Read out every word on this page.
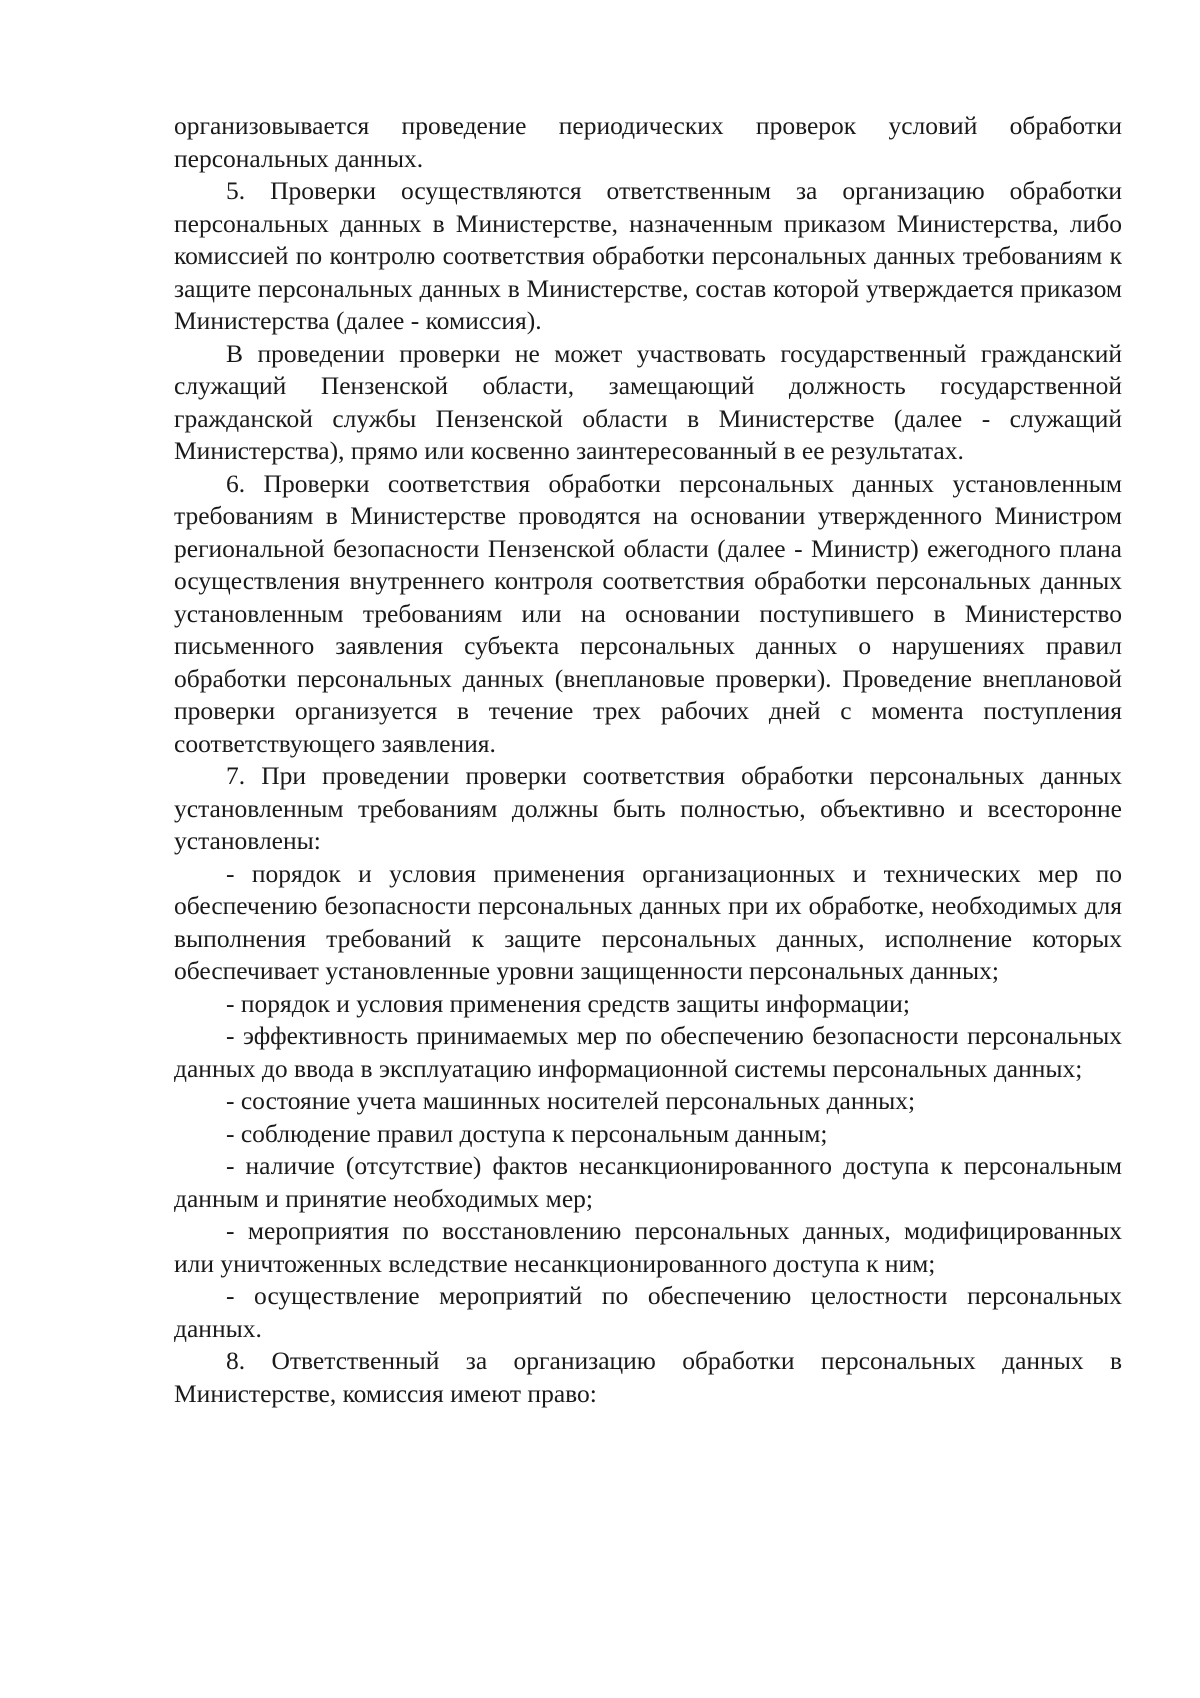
организовывается проведение периодических проверок условий обработки персональных данных.

5. Проверки осуществляются ответственным за организацию обработки персональных данных в Министерстве, назначенным приказом Министерства, либо комиссией по контролю соответствия обработки персональных данных требованиям к защите персональных данных в Министерстве, состав которой утверждается приказом Министерства (далее - комиссия).

В проведении проверки не может участвовать государственный гражданский служащий Пензенской области, замещающий должность государственной гражданской службы Пензенской области в Министерстве (далее - служащий Министерства), прямо или косвенно заинтересованный в ее результатах.

6. Проверки соответствия обработки персональных данных установленным требованиям в Министерстве проводятся на основании утвержденного Министром региональной безопасности Пензенской области (далее - Министр) ежегодного плана осуществления внутреннего контроля соответствия обработки персональных данных установленным требованиям или на основании поступившего в Министерство письменного заявления субъекта персональных данных о нарушениях правил обработки персональных данных (внеплановые проверки). Проведение внеплановой проверки организуется в течение трех рабочих дней с момента поступления соответствующего заявления.

7. При проведении проверки соответствия обработки персональных данных установленным требованиям должны быть полностью, объективно и всесторонне установлены:

- порядок и условия применения организационных и технических мер по обеспечению безопасности персональных данных при их обработке, необходимых для выполнения требований к защите персональных данных, исполнение которых обеспечивает установленные уровни защищенности персональных данных;

- порядок и условия применения средств защиты информации;

- эффективность принимаемых мер по обеспечению безопасности персональных данных до ввода в эксплуатацию информационной системы персональных данных;

- состояние учета машинных носителей персональных данных;

- соблюдение правил доступа к персональным данным;

- наличие (отсутствие) фактов несанкционированного доступа к персональным данным и принятие необходимых мер;

- мероприятия по восстановлению персональных данных, модифицированных или уничтоженных вследствие несанкционированного доступа к ним;

- осуществление мероприятий по обеспечению целостности персональных данных.

8. Ответственный за организацию обработки персональных данных в Министерстве, комиссия имеют право:
